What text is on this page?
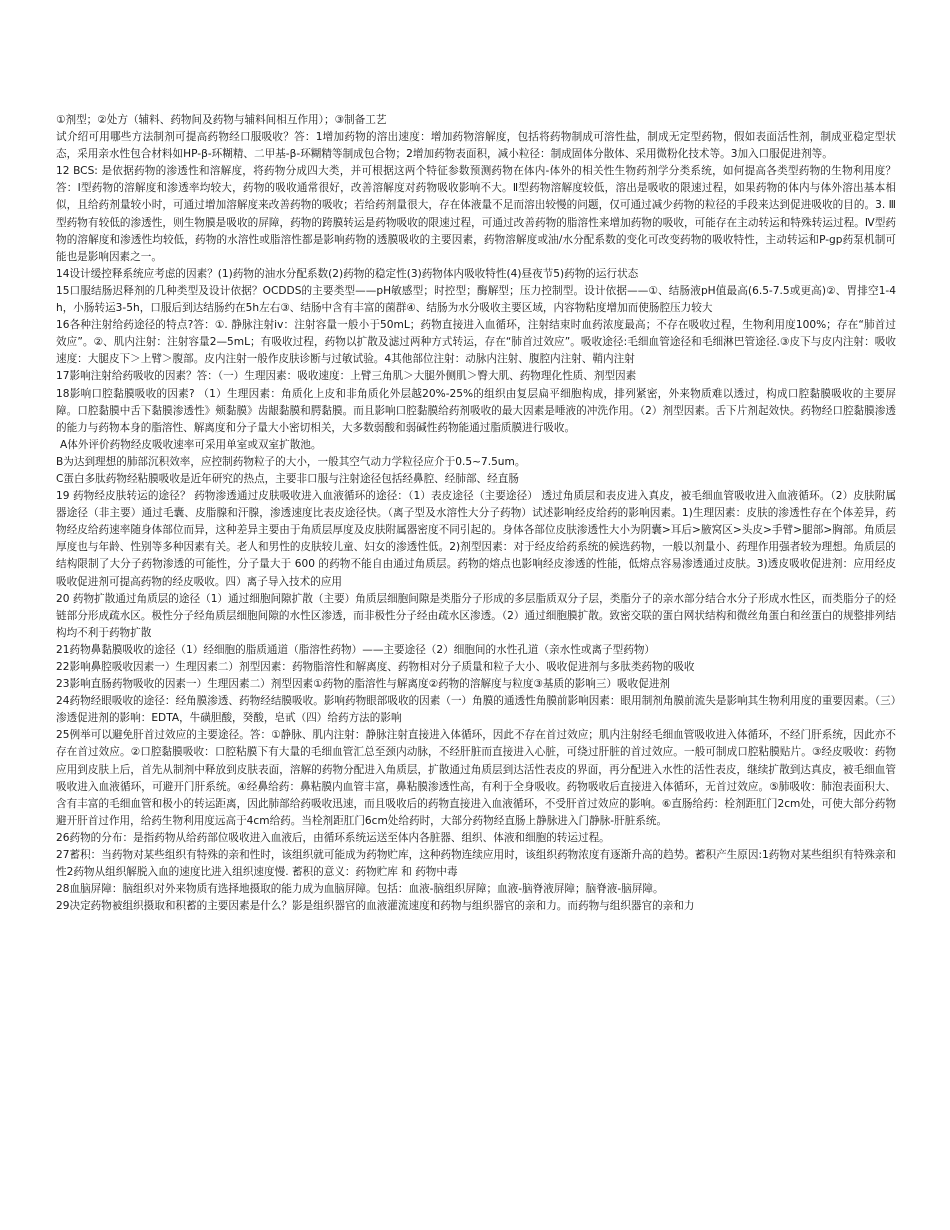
①剂型；②处方（辅料、药物间及药物与辅料间相互作用）；③制备工艺

试介绍可用哪些方法制剂可提高药物经口服吸收？答：1增加药物的溶出速度：增加药物溶解度，包括将药物制成可溶性盐，制成无定型药物，假如表面活性剂，制成亚稳定型状态，采用亲水性包合材料如HP-β-环糊精、二甲基-β-环糊精等制成包合物；2增加药物表面积，减小粒径：制成固体分散体、采用微粉化技术等。3加入口服促进剂等。

12 BCS: 是依据药物的渗透性和溶解度，将药物分成四大类，并可根据这两个特征参数预测药物在体内-体外的相关性生物药剂学分类系统，如何提高各类型药物的生物利用度？答：Ⅰ型药物的溶解度和渗透率均较大，药物的吸收通常很好，改善溶解度对药物吸收影响不大。Ⅱ型药物溶解度较低，溶出是吸收的限速过程，如果药物的体内与体外溶出基本相似，且给药剂量较小时，可通过增加溶解度来改善药物的吸收；若给药剂量很大，存在体液量不足而溶出较慢的问题，仅可通过减少药物的粒径的手段来达到促进吸收的目的。3. Ⅲ型药物有较低的渗透性，则生物膜是吸收的屏障，药物的跨膜转运是药物吸收的限速过程，可通过改善药物的脂溶性来增加药物的吸收，可能存在主动转运和特殊转运过程。Ⅳ型药物的溶解度和渗透性均较低，药物的水溶性或脂溶性都是影响药物的透膜吸收的主要因素，药物溶解度或油/水分配系数的变化可改变药物的吸收特性，主动转运和P-gp药泵机制可能也是影响因素之一。

14设计缓控释系统应考虑的因素？(1)药物的油水分配系数(2)药物的稳定性(3)药物体内吸收特性(4)昼夜节5)药物的运行状态

15口服结肠迟释剂的几种类型及设计依据？OCDDS的主要类型——pH敏感型；时控型；酶解型；压力控制型。设计依据——①、结肠液pH值最高(6.5-7.5或更高)②、胃排空1-4h，小肠转运3-5h，口服后到达结肠约在5h左右③、结肠中含有丰富的菌群④、结肠为水分吸收主要区域，内容物粘度增加而使肠腔压力较大

16各种注射给药途径的特点?答：①. 静脉注射iv：注射容量一般小于50mL；药物直接进入血循环，注射结束时血药浓度最高；不存在吸收过程，生物利用度100%；存在“肺首过效应”。②、肌内注射：注射容量2—5mL；有吸收过程，药物以扩散及滤过两种方式转运，存在“肺首过效应”。吸收途径:毛细血管途径和毛细淋巴管途径.③皮下与皮内注射：吸收速度：大腿皮下＞上臂＞腹部。皮内注射一般作皮肤诊断与过敏试验。4其他部位注射：动脉内注射、腹腔内注射、鞘内注射

17影响注射给药吸收的因素？答：（一）生理因素：吸收速度：上臂三角肌＞大腿外侧肌＞臀大肌、药物理化性质、剂型因素

18影响口腔黏膜吸收的因素? （1）生理因素：角质化上皮和非角质化外层越20%-25%的组织由复层扁平细胞构成，排列紧密，外来物质难以透过，构成口腔黏膜吸收的主要屏障。口腔黏膜中舌下黏膜渗透性》颊黏膜》齿龈黏膜和腭黏膜。而且影响口腔黏膜给药剂吸收的最大因素是唾液的冲洗作用。（2）剂型因素。舌下片剂起效快。药物经口腔黏膜渗透的能力与药物本身的脂溶性、解离度和分子量大小密切相关，大多数弱酸和弱碱性药物能通过脂质膜进行吸收。

A体外评价药物经皮吸收速率可采用单室或双室扩散池。

B为达到理想的肺部沉积效率，应控制药物粒子的大小，一般其空气动力学粒径应介于0.5~7.5um。

C蛋白多肽药物经粘膜吸收是近年研究的热点，主要非口服与注射途径包括经鼻腔、经肺部、经直肠

19 药物经皮肤转运的途径？ 药物渗透通过皮肤吸收进入血液循环的途径：（1）表皮途径（主要途径） 透过角质层和表皮进入真皮，被毛细血管吸收进入血液循环。（2）皮肤附属器途径（非主要）通过毛囊、皮脂腺和汗腺，渗透速度比表皮途径快。（离子型及水溶性大分子药物）试述影响经皮给药的影响因素。1)生理因素：皮肤的渗透性存在个体差异，药物经皮给药速率随身体部位而异，这种差异主要由于角质层厚度及皮肤附属器密度不同引起的。身体各部位皮肤渗透性大小为阴囊>耳后>腋窝区>头皮>手臂>腿部>胸部。角质层厚度也与年龄、性别等多种因素有关。老人和男性的皮肤较儿童、妇女的渗透性低。2)剂型因素：对于经皮给药系统的候选药物，一般以剂量小、药理作用强者较为理想。角质层的结构限制了大分子药物渗透的可能性，分子量大于 600 的药物不能自由通过角质层。药物的熔点也影响经皮渗透的性能，低熔点容易渗透通过皮肤。3)透皮吸收促进剂：应用经皮吸收促进剂可提高药物的经皮吸收。四）离子导入技术的应用

20 药物扩散通过角质层的途径（1）通过细胞间隙扩散（主要）角质层细胞间隙是类脂分子形成的多层脂质双分子层，类脂分子的亲水部分结合水分子形成水性区，而类脂分子的烃链部分形成疏水区。极性分子经角质层细胞间隙的水性区渗透，而非极性分子经由疏水区渗透。（2）通过细胞膜扩散。致密交联的蛋白网状结构和微丝角蛋白和丝蛋白的规整排列结构均不利于药物扩散

21药物鼻黏膜吸收的途径（1）经细胞的脂质通道（脂溶性药物）——主要途径（2）细胞间的水性孔道（亲水性或离子型药物）

22影响鼻腔吸收因素一）生理因素二）剂型因素：药物脂溶性和解离度、药物相对分子质量和粒子大小、吸收促进剂与多肽类药物的吸收

23影响直肠药物吸收的因素一）生理因素二）剂型因素①药物的脂溶性与解离度②药物的溶解度与粒度③基质的影响三）吸收促进剂

24药物经眼吸收的途径：经角膜渗透、药物经结膜吸收。影响药物眼部吸收的因素（一）角膜的通透性角膜前影响因素：眼用制剂角膜前流失是影响其生物利用度的重要因素。（三）渗透促进剂的影响：EDTA，牛磺胆酸，癸酸，皂甙（四）给药方法的影响

25例举可以避免肝首过效应的主要途径。答：①静脉、肌内注射：静脉注射直接进入体循环，因此不存在首过效应；肌内注射经毛细血管吸收进入体循环，不经门肝系统，因此亦不存在首过效应。②口腔黏膜吸收：口腔粘膜下有大量的毛细血管汇总至颈内动脉，不经肝脏而直接进入心脏，可绕过肝脏的首过效应。一般可制成口腔粘膜贴片。③经皮吸收：药物应用到皮肤上后，首先从制剂中释放到皮肤表面，溶解的药物分配进入角质层，扩散通过角质层到达活性表皮的界面，再分配进入水性的活性表皮，继续扩散到达真皮，被毛细血管吸收进入血液循环，可避开门肝系统。④经鼻给药：鼻粘膜内血管丰富，鼻粘膜渗透性高，有利于全身吸收。药物吸收后直接进入体循环，无首过效应。⑤肺吸收：肺泡表面积大、含有丰富的毛细血管和极小的转运距离，因此肺部给药吸收迅速，而且吸收后的药物直接进入血液循环，不受肝首过效应的影响。⑥直肠给药：栓剂距肛门2cm处，可使大部分药物避开肝首过作用，给药生物利用度远高于4cm给药。当栓剂距肛门6cm处给药时，大部分药物经直肠上静脉进入门静脉-肝脏系统。

26药物的分布：是指药物从给药部位吸收进入血液后，由循环系统运送至体内各脏器、组织、体液和细胞的转运过程。

27蓄积：当药物对某些组织有特殊的亲和性时，该组织就可能成为药物贮库，这种药物连续应用时，该组织药物浓度有逐渐升高的趋势。蓄积产生原因:1药物对某些组织有特殊亲和性2药物从组织解脱入血的速度比进入组织速度慢. 蓄积的意义：药物贮库 和 药物中毒

28血脑屏障：脑组织对外来物质有选择地摄取的能力成为血脑屏障。包括：血液-脑组织屏障；血液-脑脊液屏障；脑脊液-脑屏障。

29决定药物被组织摄取和积蓄的主要因素是什么？影是组织器官的血液灌流速度和药物与组织器官的亲和力。而药物与组织器官的亲和力
